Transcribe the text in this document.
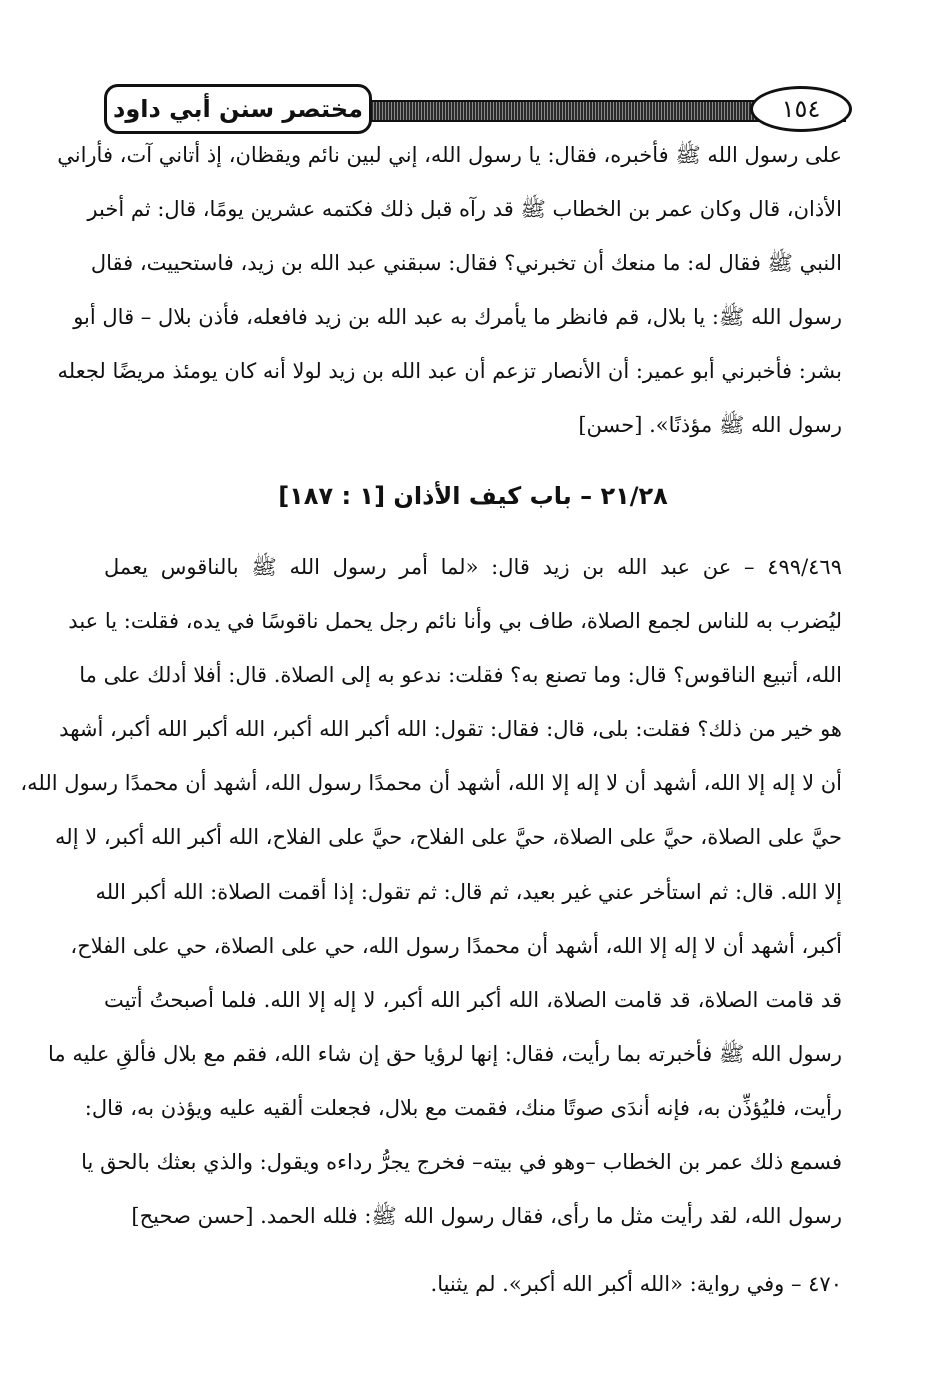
مختصر سنن أبي داود	١٥٤
على رسول الله ﷺ فأخبره، فقال: يا رسول الله، إني لبين نائم ويقظان، إذ أتاني آت، فأراني
الأذان، قال وكان عمر بن الخطاب ﷺ قد رآه قبل ذلك فكتمه عشرين يومًا، قال: ثم أخبر
النبي ﷺ فقال له: ما منعك أن تخبرني؟ فقال: سبقني عبد الله بن زيد، فاستحييت، فقال
رسول الله ﷺ: يا بلال، قم فانظر ما يأمرك به عبد الله بن زيد فافعله، فأذن بلال – قال أبو
بشر: فأخبرني أبو عمير: أن الأنصار تزعم أن عبد الله بن زيد لولا أنه كان يومئذ مريضًا لجعله
رسول الله ﷺ مؤذنًا». [حسن]
٢١/٢٨ – باب كيف الأذان [١ : ١٨٧]
٤٩٩/٤٦٩ – عن عبد الله بن زيد قال: «لما أمر رسول الله ﷺ بالناقوس يعمل
ليُضرب به للناس لجمع الصلاة، طاف بي وأنا نائم رجل يحمل ناقوسًا في يده، فقلت: يا عبد
الله، أتبيع الناقوس؟ قال: وما تصنع به؟ فقلت: ندعو به إلى الصلاة. قال: أفلا أدلك على ما
هو خير من ذلك؟ فقلت: بلى، قال: فقال: تقول: الله أكبر الله أكبر، الله أكبر الله أكبر، أشهد
أن لا إله إلا الله، أشهد أن لا إله إلا الله، أشهد أن محمدًا رسول الله، أشهد أن محمدًا رسول الله،
حيَّ على الصلاة، حيَّ على الصلاة، حيَّ على الفلاح، حيَّ على الفلاح، الله أكبر الله أكبر، لا إله
إلا الله. قال: ثم استأخر عني غير بعيد، ثم قال: ثم تقول: إذا أقمت الصلاة: الله أكبر الله
أكبر، أشهد أن لا إله إلا الله، أشهد أن محمدًا رسول الله، حي على الصلاة، حي على الفلاح،
قد قامت الصلاة، قد قامت الصلاة، الله أكبر الله أكبر، لا إله إلا الله. فلما أصبحتُ أتيت
رسول الله ﷺ فأخبرته بما رأيت، فقال: إنها لرؤيا حق إن شاء الله، فقم مع بلال فألقِ عليه ما
رأيت، فليُؤذِّن به، فإنه أندَى صوتًا منك، فقمت مع بلال، فجعلت ألقيه عليه ويؤذن به، قال:
فسمع ذلك عمر بن الخطاب –وهو في بيته– فخرج يجرُّ رداءه ويقول: والذي بعثك بالحق يا
رسول الله، لقد رأيت مثل ما رأى، فقال رسول الله ﷺ: فلله الحمد. [حسن صحيح]
٤٧٠ – وفي رواية: «الله أكبر الله أكبر». لم يثنيا.
